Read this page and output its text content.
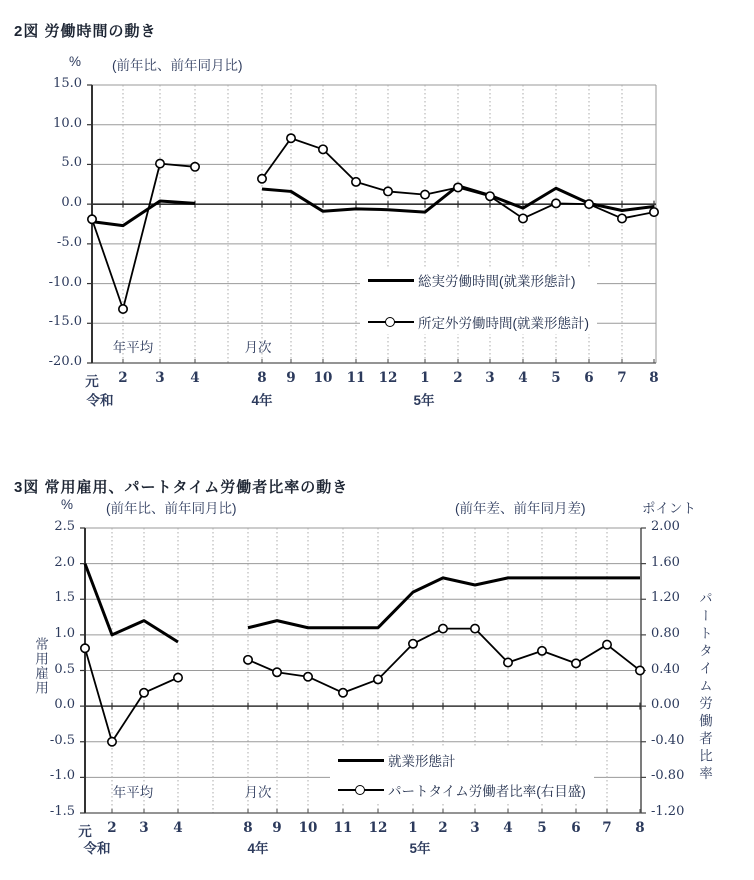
2図 労働時間の動き
%	(前年比、前年同月比)
15.0
10.0
5.0
0.0
-5.0
-10.0
-15.0
-20.0
元	2	3	4	8	9	10	11 12	1	2	3	4	5	6	7	8
年平均	月次
令和	4年	5年
総実労働時間(就業形態計)
所定外労働時間(就業形態計)
3図 常用雇用、パートタイム労働者比率の動き
%	(前年比、前年同月比)	(前年差、前年同月差)	ポイント
常用雇用	パートタイム労働者比率
2.5
2.0
1.5
1.0
0.5
0.0
-0.5
-1.0
-1.5
2.00
1.60
1.20
0.80
0.40
0.00
-0.40
-0.80
-1.20
元	2	3	4	8	9	10	11	12	1	2	3	4	5	6	7	8
年平均	月次
令和	4年	5年
就業形態計
パートタイム労働者比率(右目盛)
